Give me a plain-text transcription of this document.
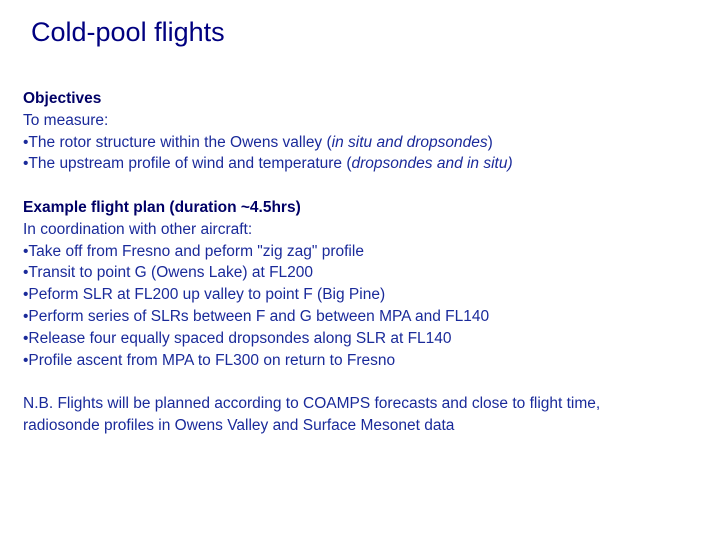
Cold-pool flights
Objectives
To measure:
•The rotor structure within the Owens valley (in situ and dropsondes)
•The upstream profile of wind and temperature (dropsondes and in situ)
Example flight plan (duration ~4.5hrs)
In coordination with other aircraft:
•Take off from Fresno and peform "zig zag" profile
•Transit to point G (Owens Lake) at FL200
•Peform SLR at FL200 up valley to point F (Big Pine)
•Perform series of SLRs between F and G between MPA and FL140
•Release four equally spaced dropsondes along SLR at FL140
•Profile ascent from MPA to FL300 on return to Fresno
N.B. Flights will be planned according to COAMPS forecasts and close to flight time, radiosonde profiles in Owens Valley and Surface Mesonet data
